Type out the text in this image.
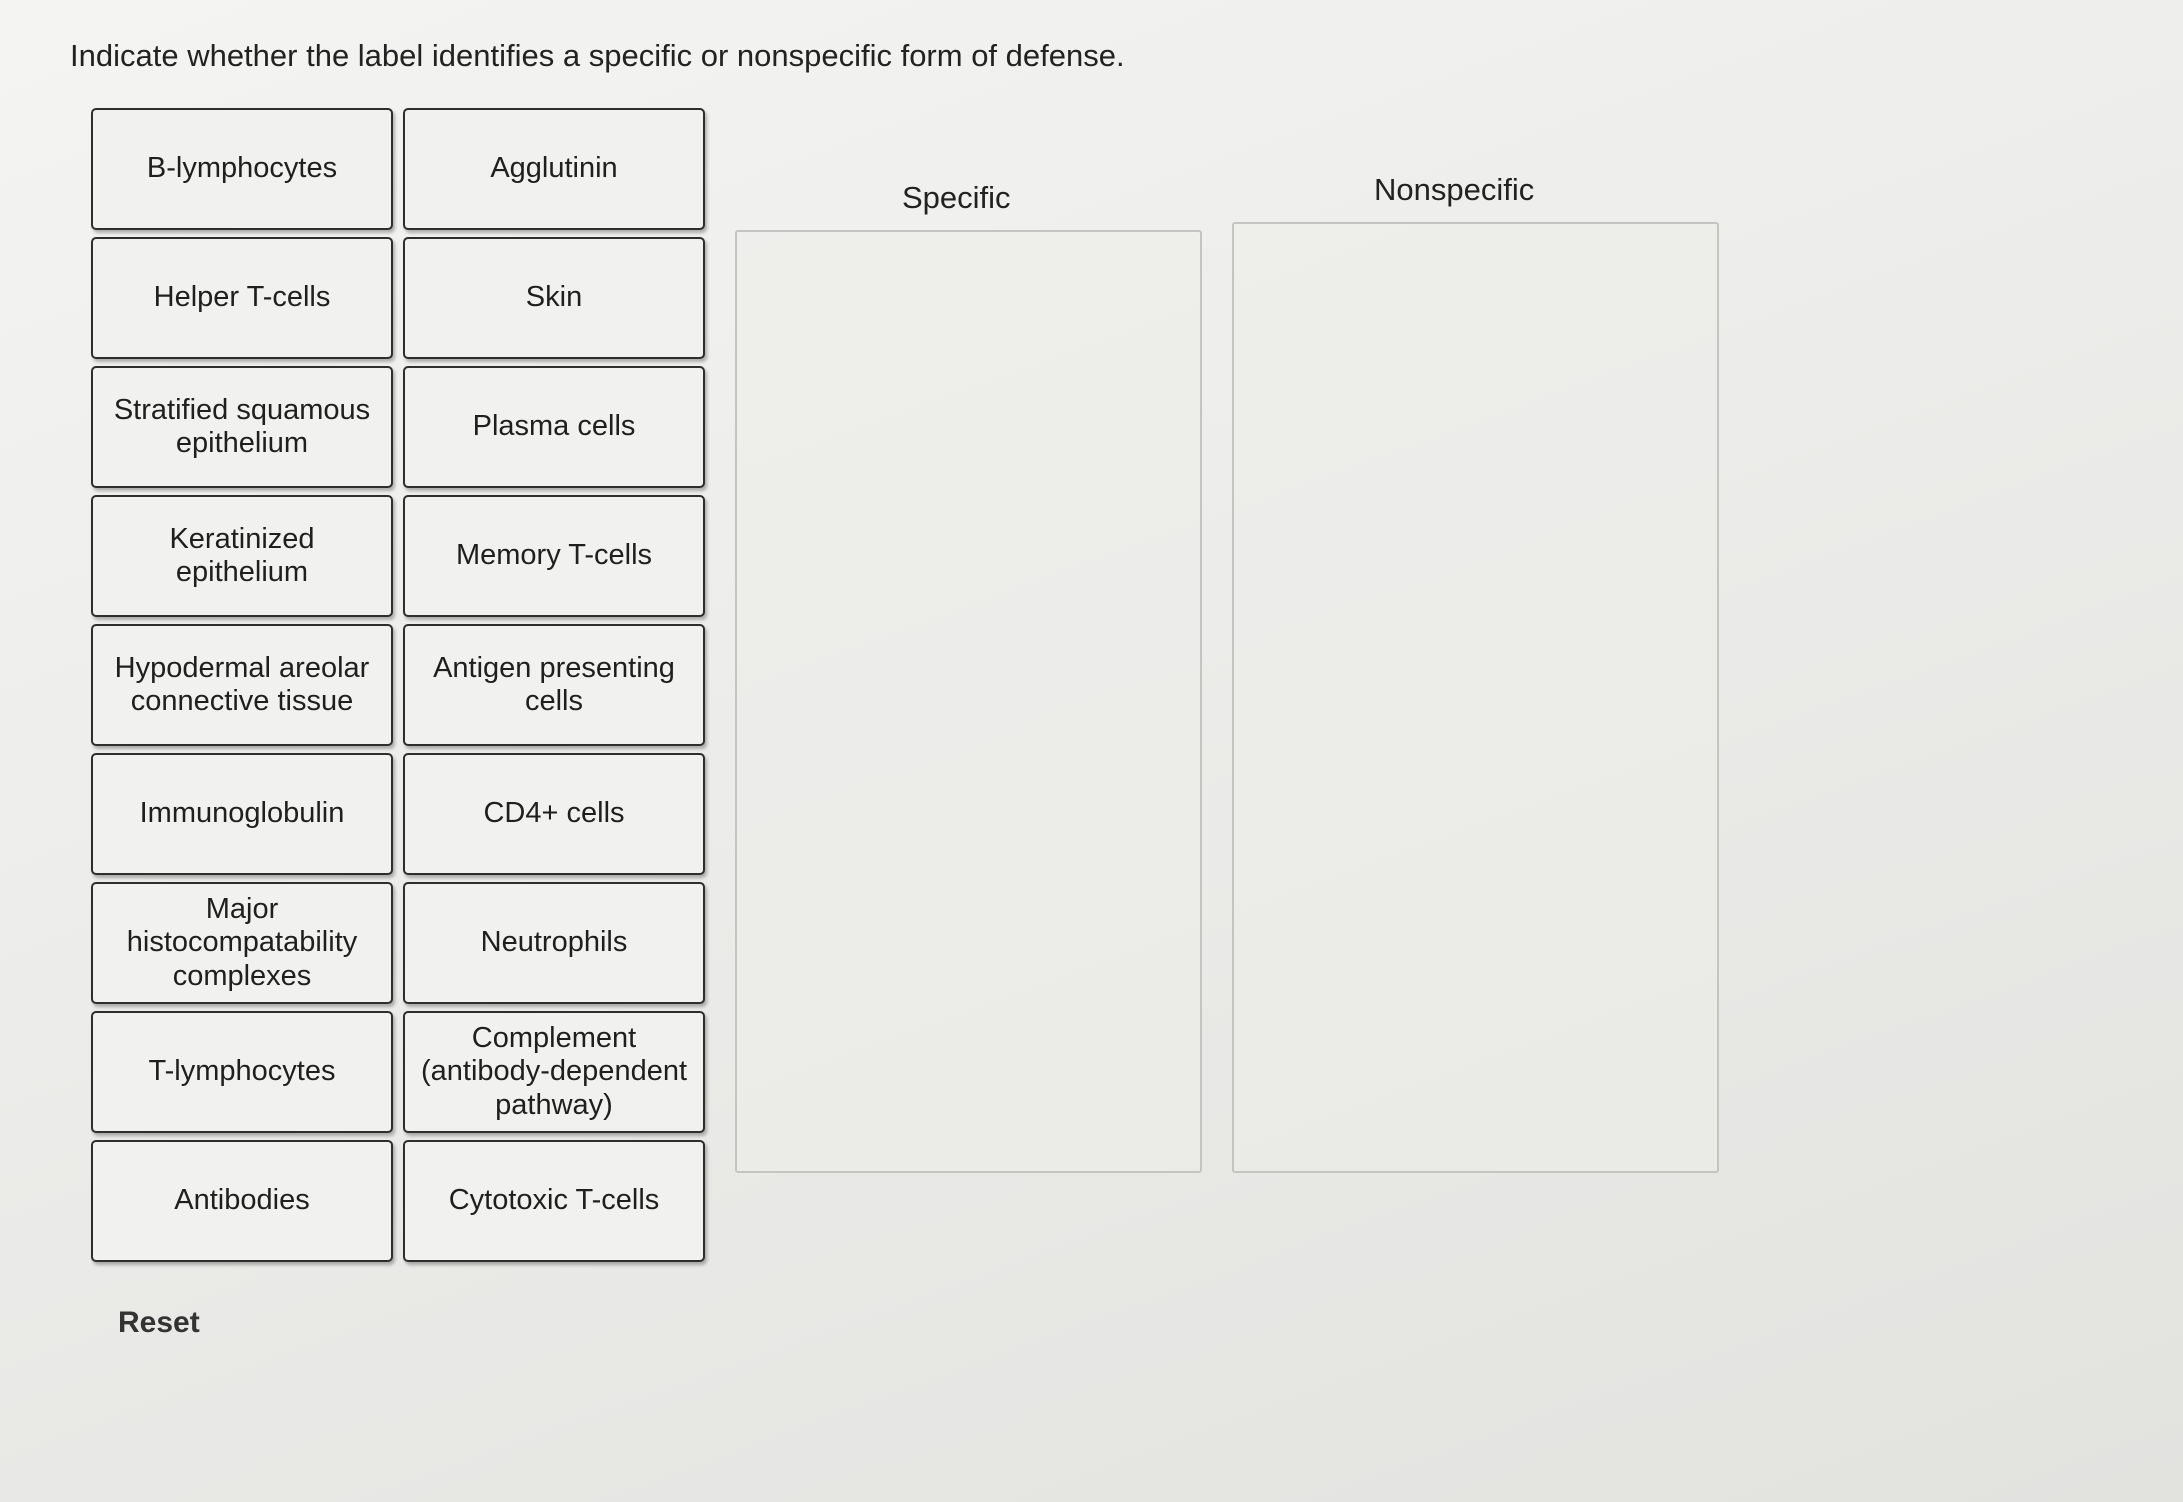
Indicate whether the label identifies a specific or nonspecific form of defense.
B-lymphocytes	Agglutinin
Helper T-cells	Skin
Stratified squamous epithelium
Plasma cells
Keratinized epithelium
Memory T-cells
Hypodermal areolar connective tissue
Antigen presenting cells
Immunoglobulin	CD4+ cells
Major histocompatability complexes
Neutrophils
T-lymphocytes
Complement (antibody-dependent pathway)
Antibodies	Cytotoxic T-cells
Reset
Specific	Nonspecific
